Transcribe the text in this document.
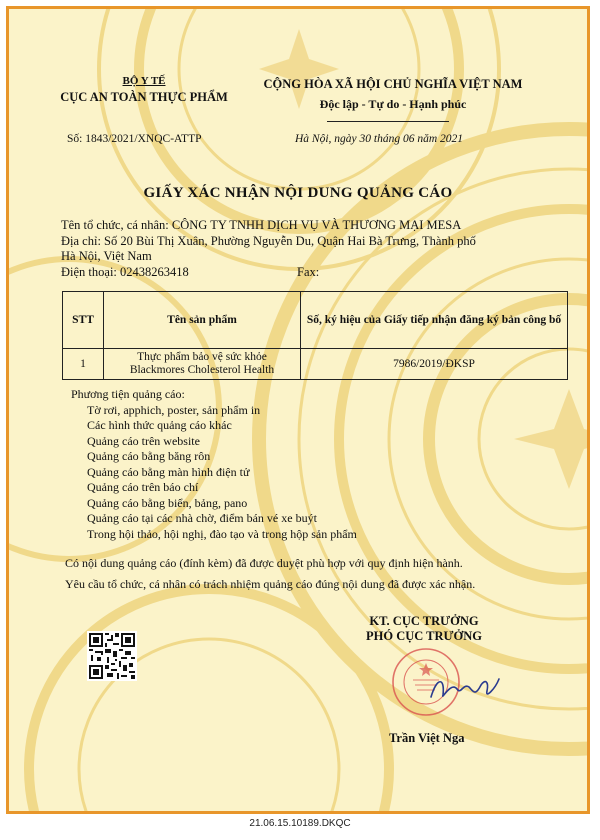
BỘ Y TẾ
CỤC AN TOÀN THỰC PHẨM
CỘNG HÒA XÃ HỘI CHỦ NGHĨA VIỆT NAM
Độc lập - Tự do - Hạnh phúc
Số: 1843/2021/XNQC-ATTP	Hà Nội, ngày 30 tháng 06 năm 2021
GIẤY XÁC NHẬN NỘI DUNG QUẢNG CÁO
Tên tổ chức, cá nhân: CÔNG TY TNHH DỊCH VỤ VÀ THƯƠNG MẠI MESA
Địa chỉ: Số 20 Bùi Thị Xuân, Phường Nguyễn Du, Quận Hai Bà Trưng, Thành phố
Hà Nội, Việt Nam
Điện thoại: 02438263418	Fax:
STT	Tên sản phẩm	Số, ký hiệu của Giấy tiếp nhận đăng ký bản công bố
1	Thực phẩm bảo vệ sức khỏe
Blackmores Cholesterol Health	7986/2019/ĐKSP
Phương tiện quảng cáo:
Tờ rơi, apphich, poster, sản phẩm in
Các hình thức quảng cáo khác
Quảng cáo trên website
Quảng cáo bằng băng rôn
Quảng cáo bằng màn hình điện tử
Quảng cáo trên báo chí
Quảng cáo bằng biển, bảng, pano
Quảng cáo tại các nhà chờ, điểm bán vé xe buýt
Trong hội thảo, hội nghị, đào tạo và trong hộp sản phẩm
Có nội dung quảng cáo (đính kèm) đã được duyệt phù hợp với quy định hiện hành.
Yêu cầu tổ chức, cá nhân có trách nhiệm quảng cáo đúng nội dung đã được xác nhận.
KT. CỤC TRƯỞNG
PHÓ CỤC TRƯỞNG
Trần Việt Nga
21.06.15.10189.DKQC
